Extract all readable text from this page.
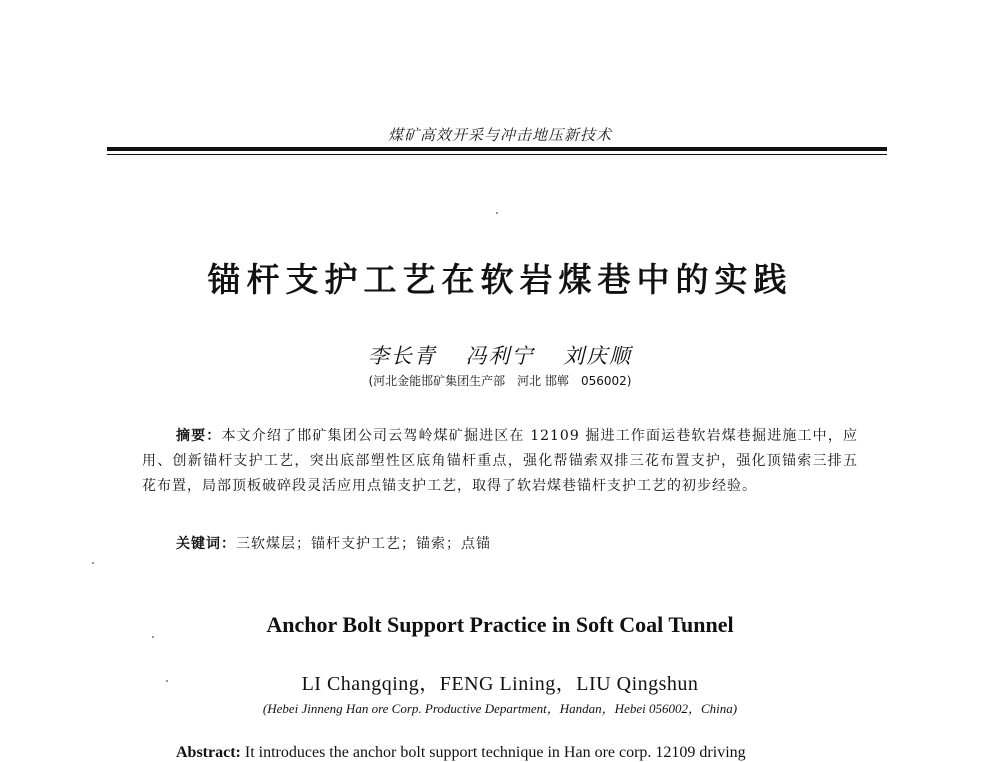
煤矿高效开采与冲击地压新技术
锚杆支护工艺在软岩煤巷中的实践
李长青 冯利宁 刘庆顺
(河北金能邯矿集团生产部　河北 邯郸　056002)
摘要：本文介绍了邯矿集团公司云驾岭煤矿掘进区在 12109 掘进工作面运巷软岩煤巷掘进施工中，应用、创新锚杆支护工艺，突出底部塑性区底角锚杆重点，强化帮锚索双排三花布置支护，强化顶锚索三排五花布置，局部顶板破碎段灵活应用点锚支护工艺，取得了软岩煤巷锚杆支护工艺的初步经验。
关键词：三软煤层；锚杆支护工艺；锚索；点锚
Anchor Bolt Support Practice in Soft Coal Tunnel
LI Changqing，FENG Lining，LIU Qingshun
(Hebei Jinneng Han ore Corp. Productive Department，Handan，Hebei 056002，China)
Abstract: It introduces the anchor bolt support technique in Han ore corp. 12109 driving
